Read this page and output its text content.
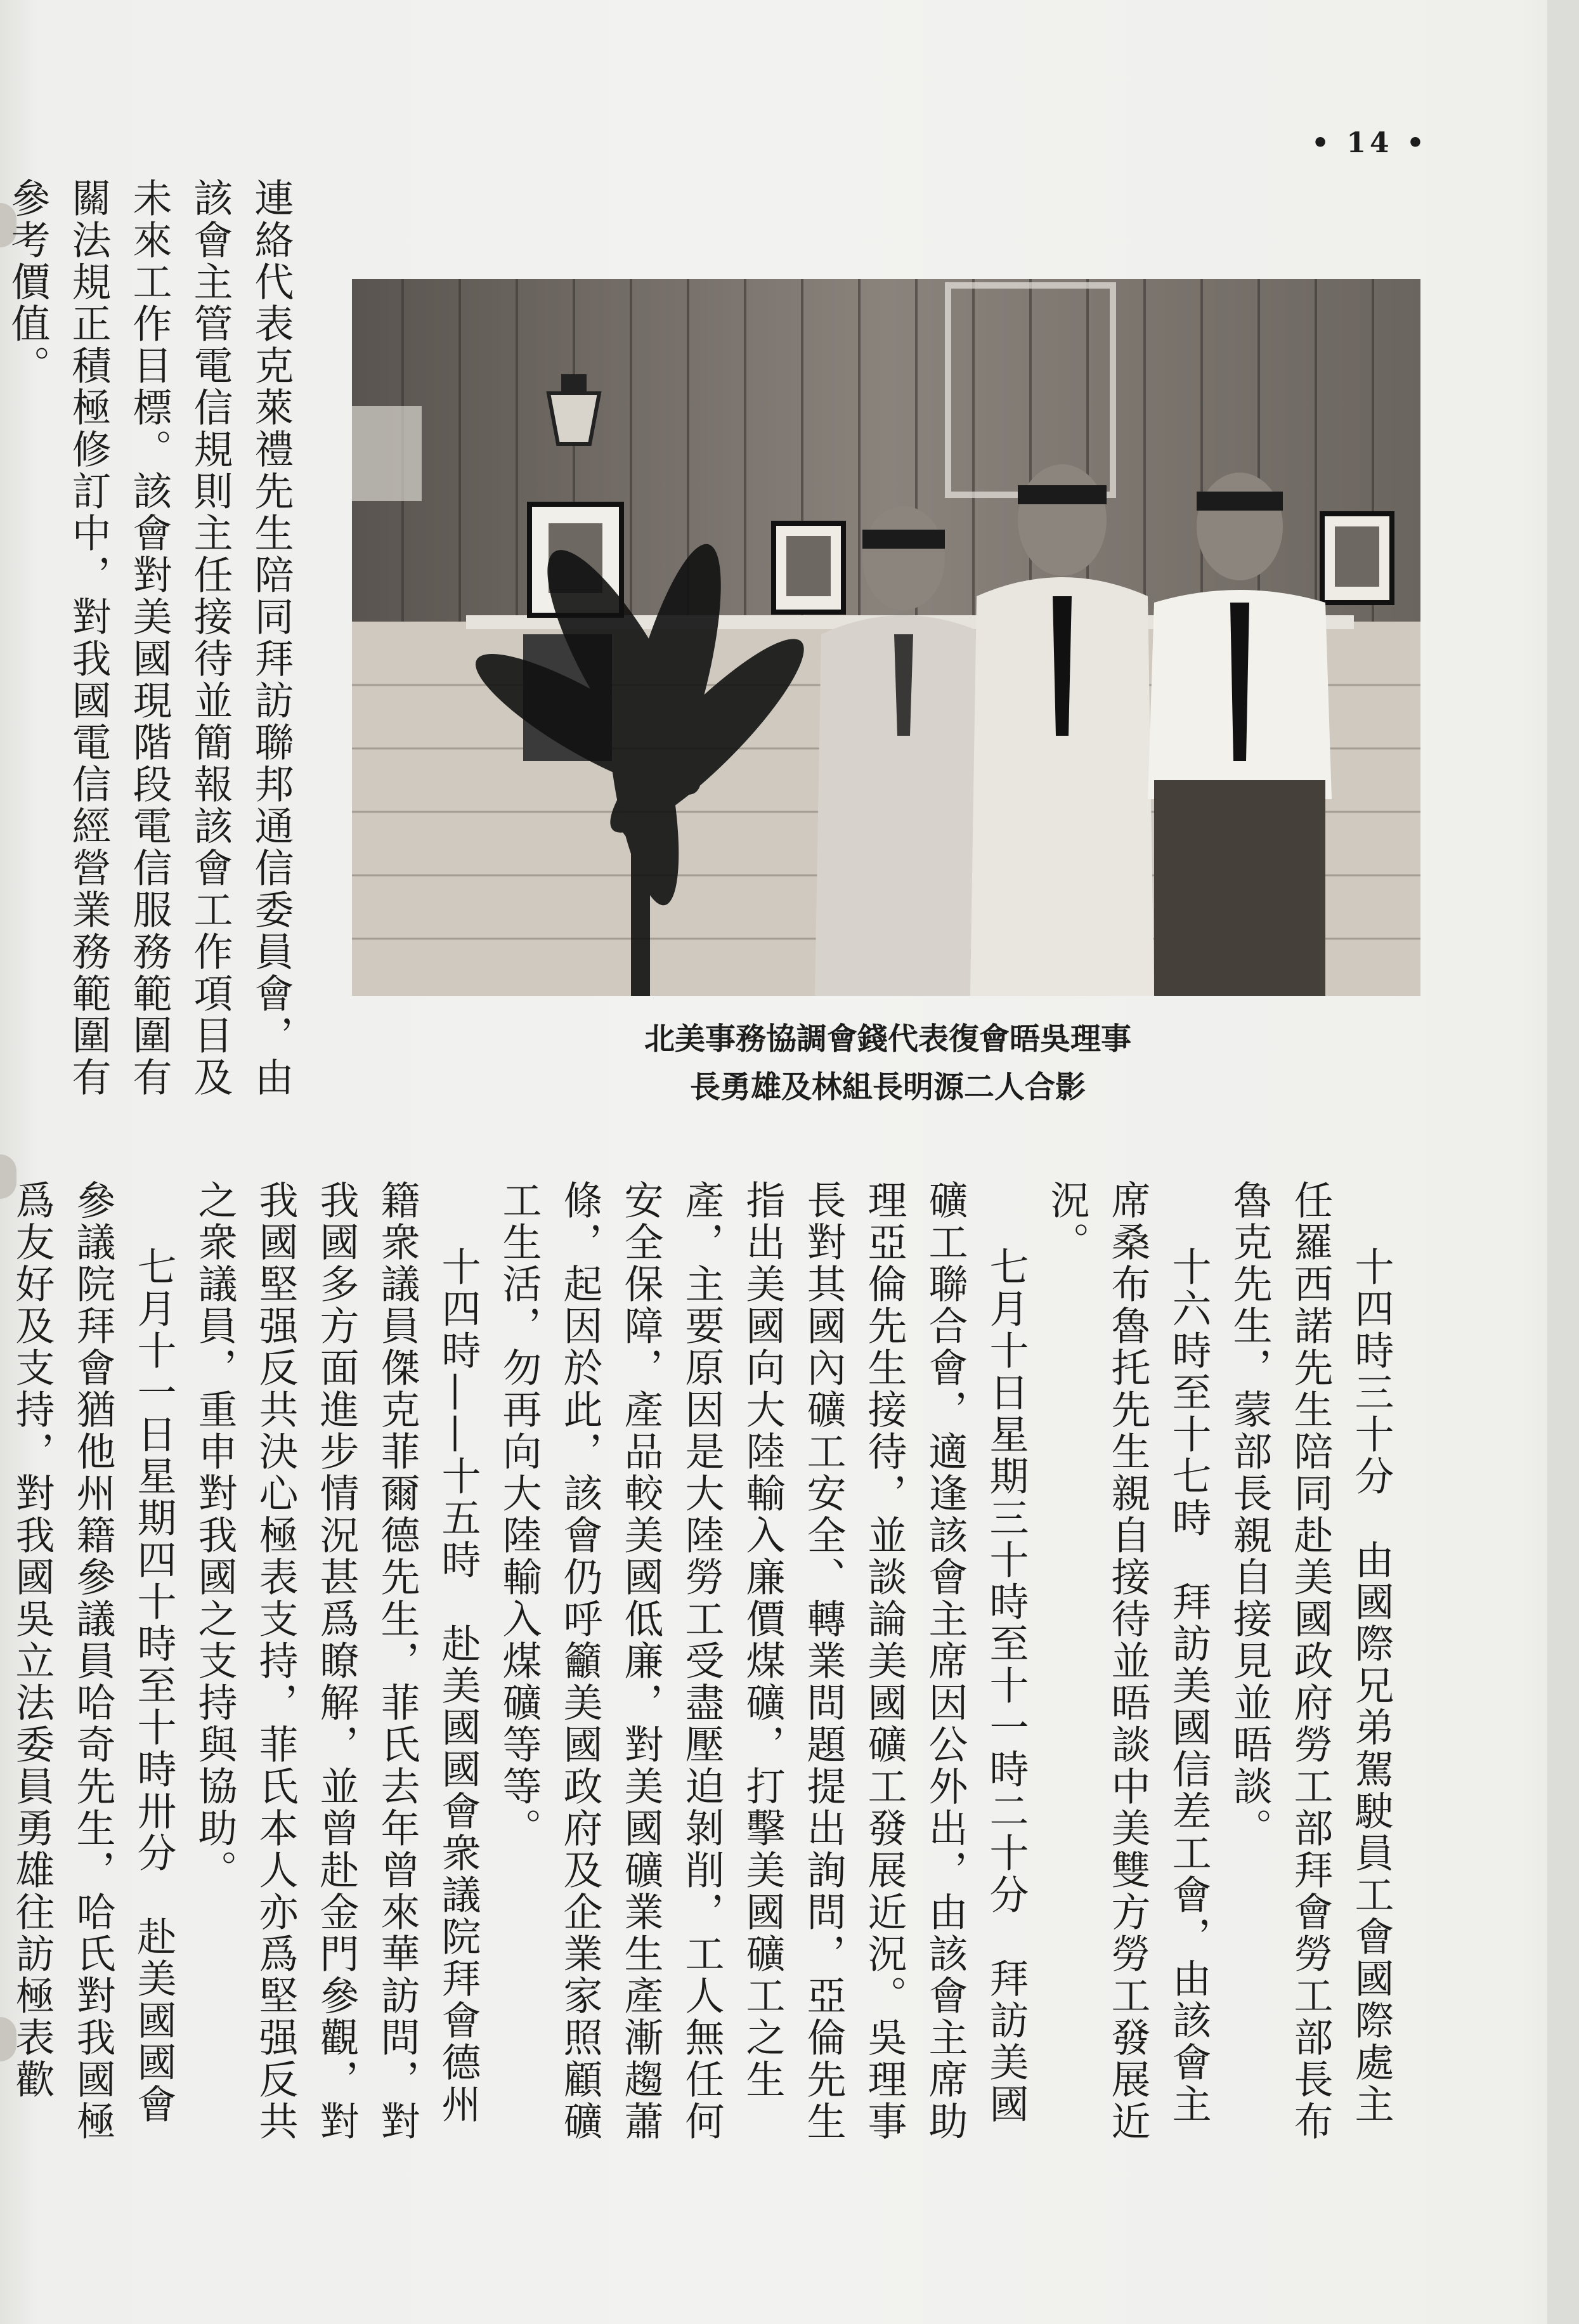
• 14 •

連絡代表克萊禮先生陪同拜訪聯邦通信委員會，由該會主管電信規則主任接待並簡報該會工作項目及未來工作目標。該會對美國現階段電信服務範圍有關法規正積極修訂中，對我國電信經營業務範圍有參考價值。

北美事務協調會錢代表復會晤吳理事
長勇雄及林組長明源二人合影

十四時三十分　由國際兄弟駕駛員工會國際處主任羅西諾先生陪同赴美國政府勞工部拜會勞工部長布魯克先生，蒙部長親自接見並晤談。

十六時至十七時　拜訪美國信差工會，由該會主席桑布魯托先生親自接待並晤談中美雙方勞工發展近況。

七月十日星期三十時至十一時二十分　拜訪美國礦工聯合會，適逢該會主席因公外出，由該會主席助理亞倫先生接待，並談論美國礦工發展近況。吳理事長對其國內礦工安全、轉業問題提出詢問，亞倫先生指出美國向大陸輸入廉價煤礦，打擊美國礦工之生產，主要原因是大陸勞工受盡壓迫剝削，工人無任何安全保障，產品較美國低廉，對美國礦業生產漸趨蕭條，起因於此，該會仍呼籲美國政府及企業家照顧礦工生活，勿再向大陸輸入煤礦等等。

十四時——十五時　赴美國國會衆議院拜會德州籍衆議員傑克菲爾德先生，菲氏去年曾來華訪問，對我國多方面進步情況甚爲瞭解，並曾赴金門參觀，對我國堅强反共決心極表支持，菲氏本人亦爲堅强反共之衆議員，重申對我國之支持與協助。

七月十一日星期四十時至十時卅分　赴美國國會參議院拜會猶他州籍參議員哈奇先生，哈氏對我國極爲友好及支持，對我國吳立法委員勇雄往訪極表歡
